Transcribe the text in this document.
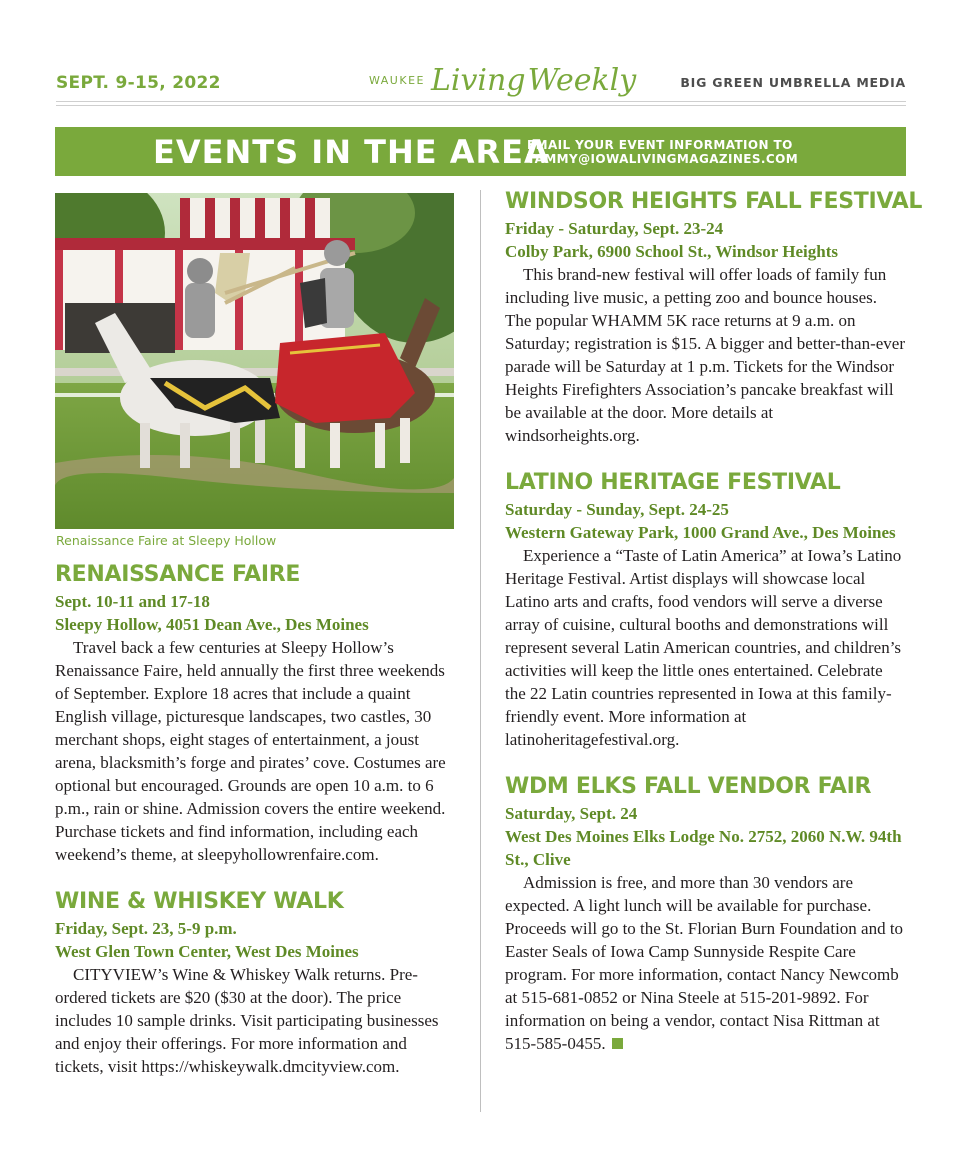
SEPT. 9-15, 2022	WAUKEE Living Weekly	BIG GREEN UMBRELLA MEDIA
EVENTS IN THE AREA
EMAIL YOUR EVENT INFORMATION TO
TAMMY@IOWALIVINGMAGAZINES.COM
Renaissance Faire at Sleepy Hollow
RENAISSANCE FAIRE
Sept. 10-11 and 17-18
Sleepy Hollow, 4051 Dean Ave., Des Moines
Travel back a few centuries at Sleepy Hollow’s Renaissance Faire, held annually the first three weekends of September. Explore 18 acres that include a quaint English village, picturesque landscapes, two castles, 30 merchant shops, eight stages of entertainment, a joust arena, blacksmith’s forge and pirates’ cove. Costumes are optional but encouraged. Grounds are open 10 a.m. to 6 p.m., rain or shine. Admission covers the entire weekend. Purchase tickets and find information, including each weekend’s theme, at sleepyhollowrenfaire.com.
WINE & WHISKEY WALK
Friday, Sept. 23, 5-9 p.m.
West Glen Town Center, West Des Moines
CITYVIEW’s Wine & Whiskey Walk returns. Pre-ordered tickets are $20 ($30 at the door). The price includes 10 sample drinks. Visit participating businesses and enjoy their offerings. For more information and tickets, visit https://whiskeywalk.dmcityview.com.
WINDSOR HEIGHTS FALL FESTIVAL
Friday - Saturday, Sept. 23-24
Colby Park, 6900 School St., Windsor Heights
This brand-new festival will offer loads of family fun including live music, a petting zoo and bounce houses. The popular WHAMM 5K race returns at 9 a.m. on Saturday; registration is $15. A bigger and better-than-ever parade will be Saturday at 1 p.m. Tickets for the Windsor Heights Firefighters Association’s pancake breakfast will be available at the door. More details at windsorheights.org.
LATINO HERITAGE FESTIVAL
Saturday - Sunday, Sept. 24-25
Western Gateway Park, 1000 Grand Ave., Des Moines
Experience a “Taste of Latin America” at Iowa’s Latino Heritage Festival. Artist displays will showcase local Latino arts and crafts, food vendors will serve a diverse array of cuisine, cultural booths and demonstrations will represent several Latin American countries, and children’s activities will keep the little ones entertained. Celebrate the 22 Latin countries represented in Iowa at this family-friendly event. More information at latinoheritagefestival.org.
WDM ELKS FALL VENDOR FAIR
Saturday, Sept. 24
West Des Moines Elks Lodge No. 2752, 2060 N.W. 94th St., Clive
Admission is free, and more than 30 vendors are expected. A light lunch will be available for purchase. Proceeds will go to the St. Florian Burn Foundation and to Easter Seals of Iowa Camp Sunnyside Respite Care program. For more information, contact Nancy Newcomb at 515-681-0852 or Nina Steele at 515-201-9892. For information on being a vendor, contact Nisa Rittman at 515-585-0455.
